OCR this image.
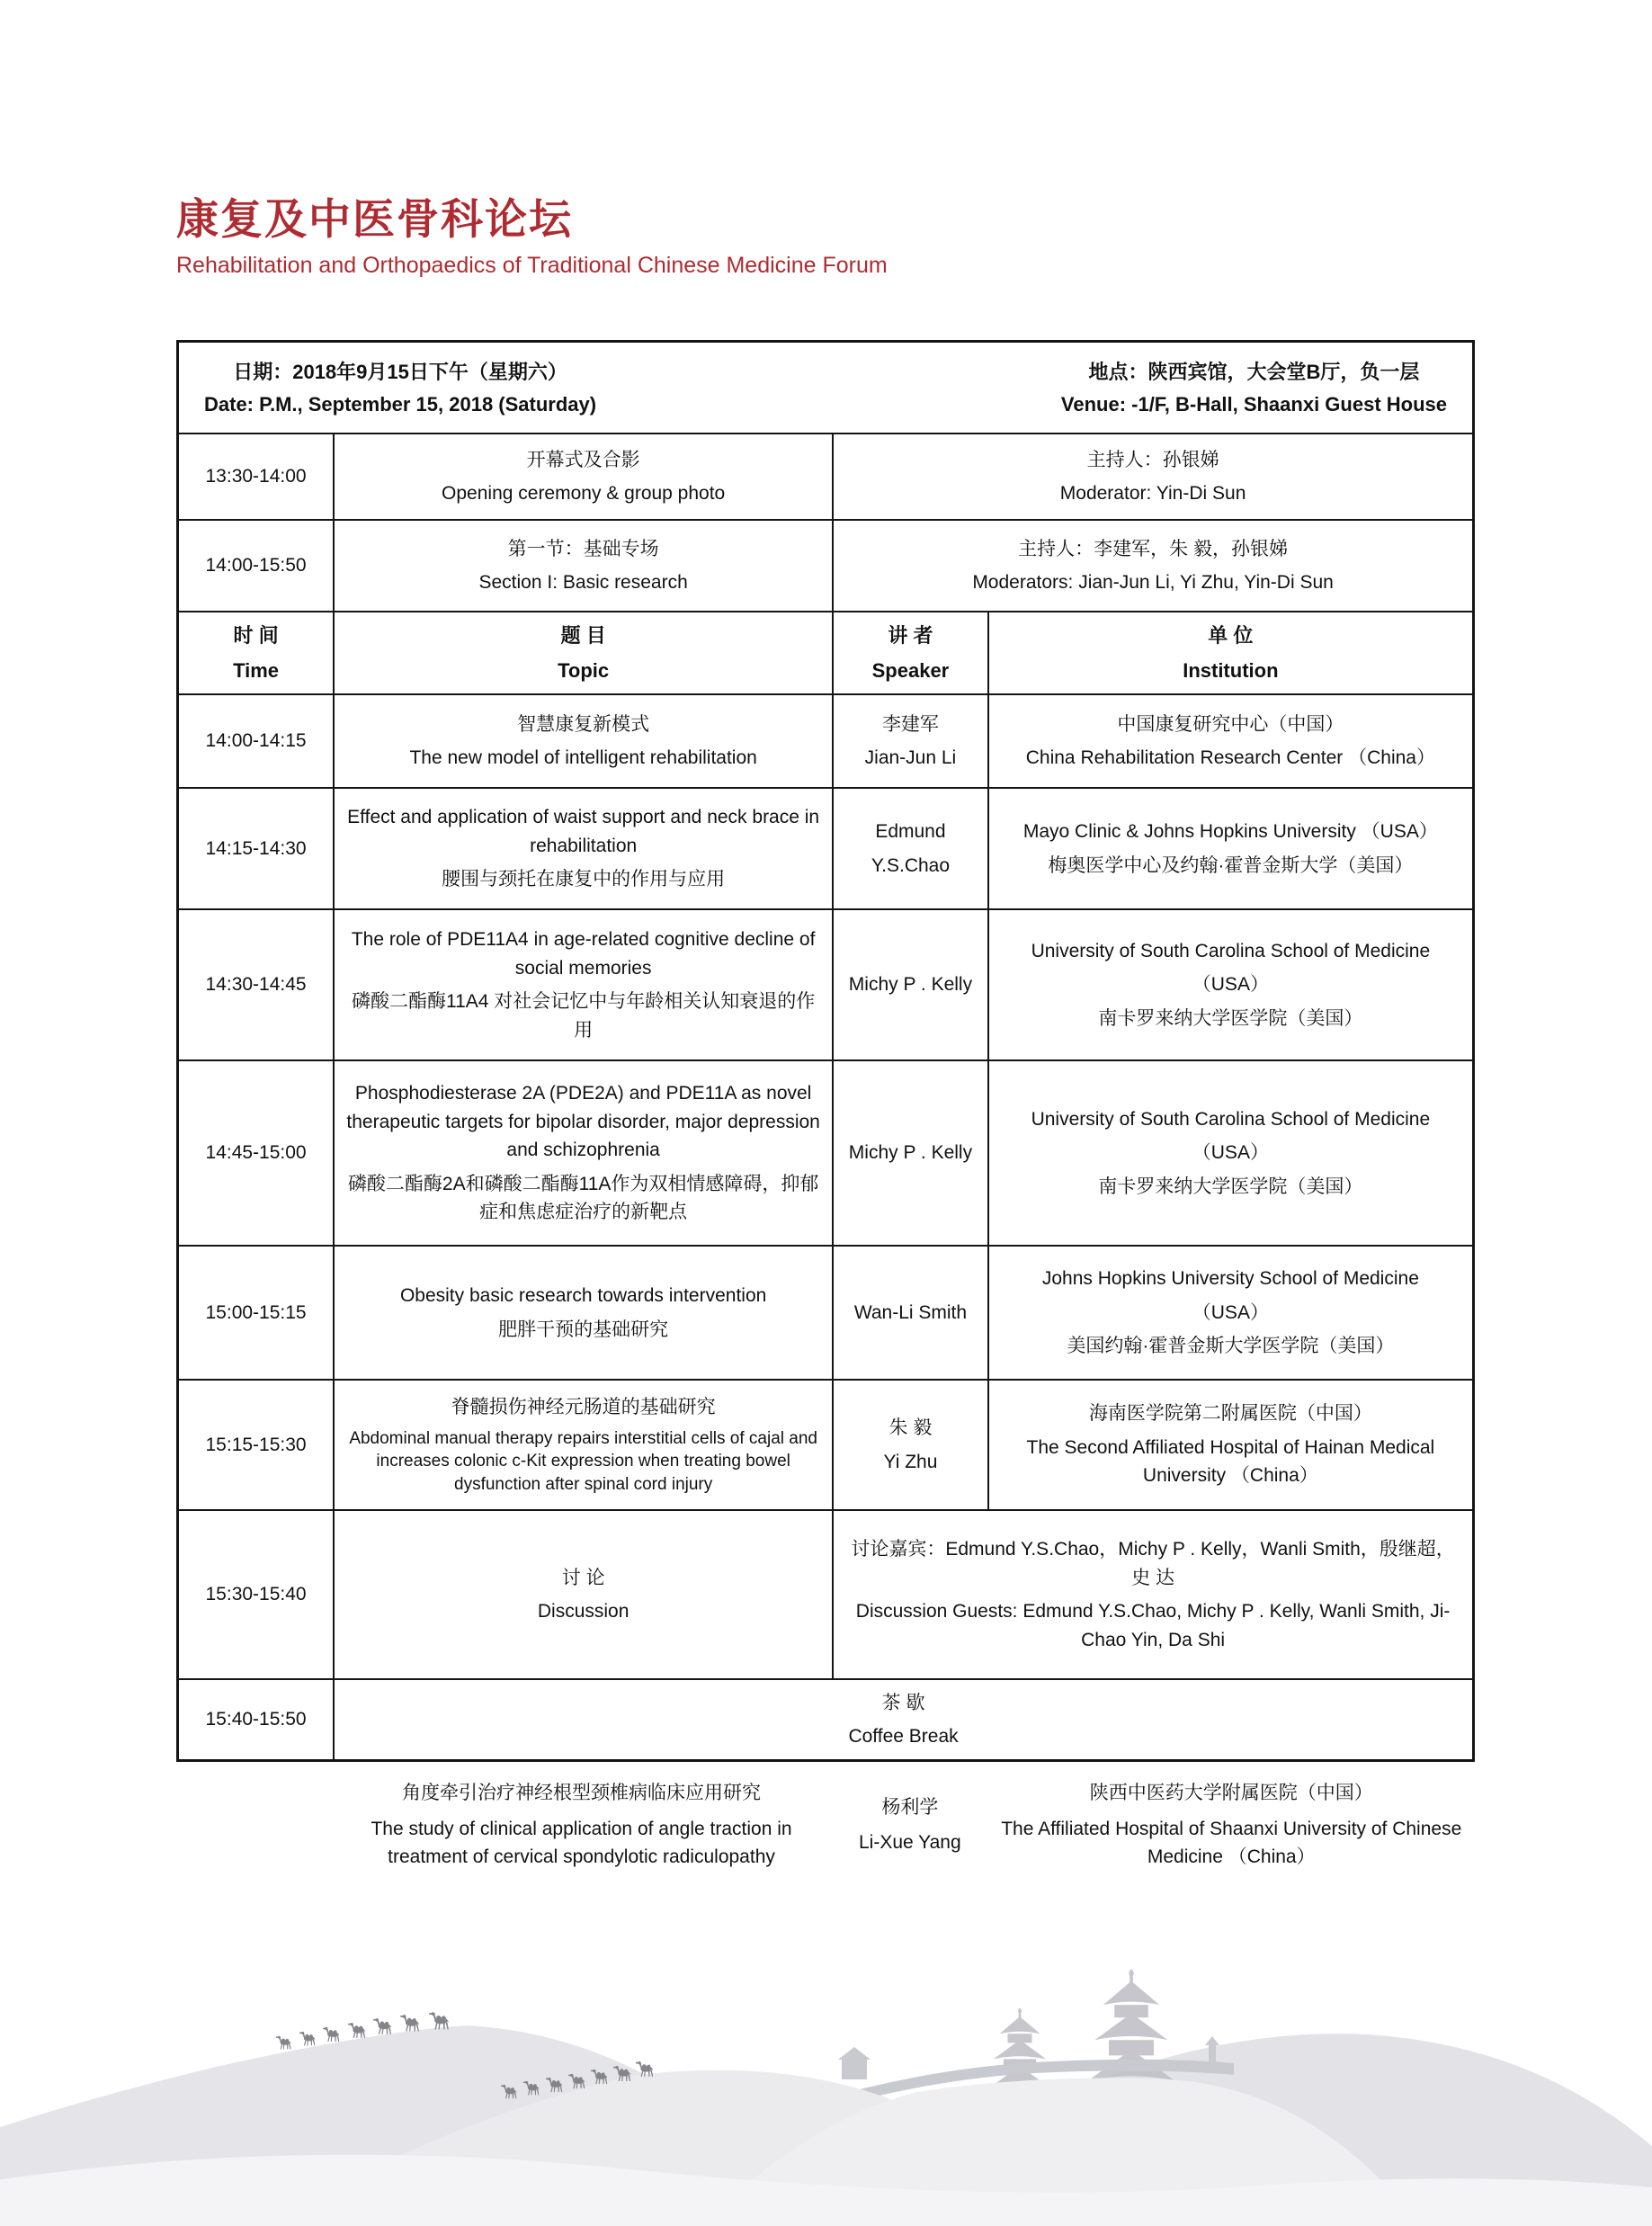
康复及中医骨科论坛
Rehabilitation and Orthopaedics of Traditional Chinese Medicine Forum

日期：2018年9月15日下午（星期六）

Date: P.M., September 15, 2018 (Saturday)

地点：陕西宾馆，大会堂B厅，负一层

Venue: -1/F, B-Hall, Shaanxi Guest House

13:30-14:00

开幕式及合影

Opening ceremony & group photo

主持人：孙银娣

Moderator: Yin-Di Sun

14:00-15:50

第一节：基础专场

Section I: Basic research

主持人：李建军，朱 毅，孙银娣

Moderators: Jian-Jun Li, Yi Zhu, Yin-Di Sun

时 间

Time

题 目

Topic

讲 者

Speaker

单 位

Institution

14:00-14:15

智慧康复新模式

The new model of intelligent rehabilitation

李建军

Jian-Jun Li

中国康复研究中心（中国）

China Rehabilitation Research Center （China）

14:15-14:30

Effect and application of waist support and neck brace in rehabilitation

腰围与颈托在康复中的作用与应用

Edmund

Y.S.Chao

Mayo Clinic & Johns Hopkins University （USA）

梅奥医学中心及约翰·霍普金斯大学（美国）

14:30-14:45

The role of PDE11A4 in age-related cognitive decline of social memories

磷酸二酯酶11A4 对社会记忆中与年龄相关认知衰退的作用

Michy P . Kelly

University of South Carolina School of Medicine

（USA）

南卡罗来纳大学医学院（美国）

14:45-15:00

Phosphodiesterase 2A (PDE2A) and PDE11A as novel therapeutic targets for bipolar disorder, major depression and schizophrenia

磷酸二酯酶2A和磷酸二酯酶11A作为双相情感障碍，抑郁症和焦虑症治疗的新靶点

Michy P . Kelly

University of South Carolina School of Medicine

（USA）

南卡罗来纳大学医学院（美国）

15:00-15:15

Obesity basic research towards intervention

肥胖干预的基础研究

Wan-Li Smith

Johns Hopkins University School of Medicine

（USA）

美国约翰·霍普金斯大学医学院（美国）

15:15-15:30

脊髓损伤神经元肠道的基础研究

Abdominal manual therapy repairs interstitial cells of cajal and increases colonic c-Kit expression when treating bowel dysfunction after spinal cord injury

朱 毅

Yi Zhu

海南医学院第二附属医院（中国）

The Second Affiliated Hospital of Hainan Medical University （China）

15:30-15:40

讨 论

Discussion

讨论嘉宾：Edmund Y.S.Chao，Michy P . Kelly，Wanli Smith，殷继超，史 达

Discussion Guests: Edmund Y.S.Chao, Michy P . Kelly, Wanli Smith, Ji-Chao Yin, Da Shi

15:40-15:50

茶 歇

Coffee Break

角度牵引治疗神经根型颈椎病临床应用研究

The study of clinical application of angle traction in treatment of cervical spondylotic radiculopathy

杨利学

Li-Xue Yang

陕西中医药大学附属医院（中国）

The Affiliated Hospital of Shaanxi University of Chinese Medicine （China）
